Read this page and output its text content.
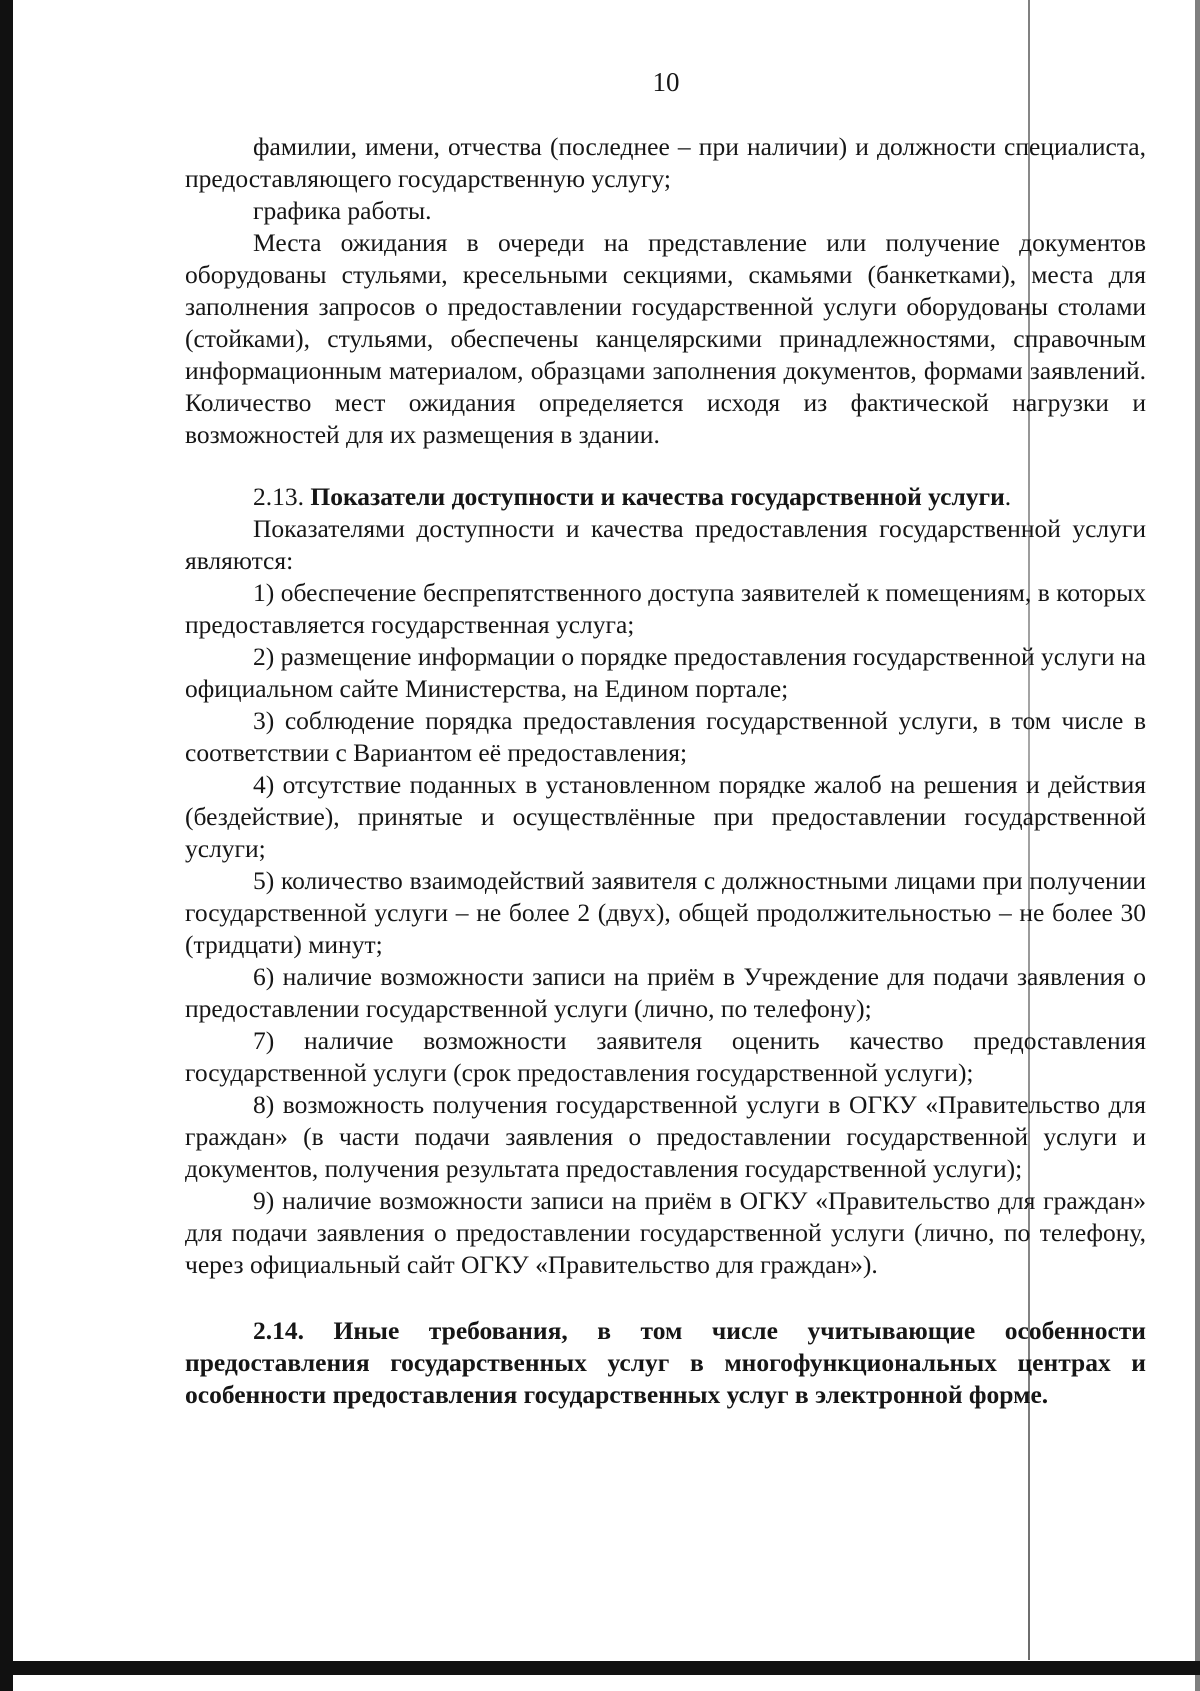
10

фамилии, имени, отчества (последнее – при наличии) и должности специалиста, предоставляющего государственную услугу;

графика работы.

Места ожидания в очереди на представление или получение документов оборудованы стульями, кресельными секциями, скамьями (банкетками), места для заполнения запросов о предоставлении государственной услуги оборудованы столами (стойками), стульями, обеспечены канцелярскими принадлежностями, справочным информационным материалом, образцами заполнения документов, формами заявлений. Количество мест ожидания определяется исходя из фактической нагрузки и возможностей для их размещения в здании.

2.13. Показатели доступности и качества государственной услуги.

Показателями доступности и качества предоставления государственной услуги являются:

1) обеспечение беспрепятственного доступа заявителей к помещениям, в которых предоставляется государственная услуга;

2) размещение информации о порядке предоставления государственной услуги на официальном сайте Министерства, на Едином портале;

3) соблюдение порядка предоставления государственной услуги, в том числе в соответствии с Вариантом её предоставления;

4) отсутствие поданных в установленном порядке жалоб на решения и действия (бездействие), принятые и осуществлённые при предоставлении государственной услуги;

5) количество взаимодействий заявителя с должностными лицами при получении государственной услуги – не более 2 (двух), общей продолжительностью – не более 30 (тридцати) минут;

6) наличие возможности записи на приём в Учреждение для подачи заявления о предоставлении государственной услуги (лично, по телефону);

7) наличие возможности заявителя оценить качество предоставления государственной услуги (срок предоставления государственной услуги);

8) возможность получения государственной услуги в ОГКУ «Правительство для граждан» (в части подачи заявления о предоставлении государственной услуги и документов, получения результата предоставления государственной услуги);

9) наличие возможности записи на приём в ОГКУ «Правительство для граждан» для подачи заявления о предоставлении государственной услуги (лично, по телефону, через официальный сайт ОГКУ «Правительство для граждан»).

2.14. Иные требования, в том числе учитывающие особенности предоставления государственных услуг в многофункциональных центрах и особенности предоставления государственных услуг в электронной форме.
